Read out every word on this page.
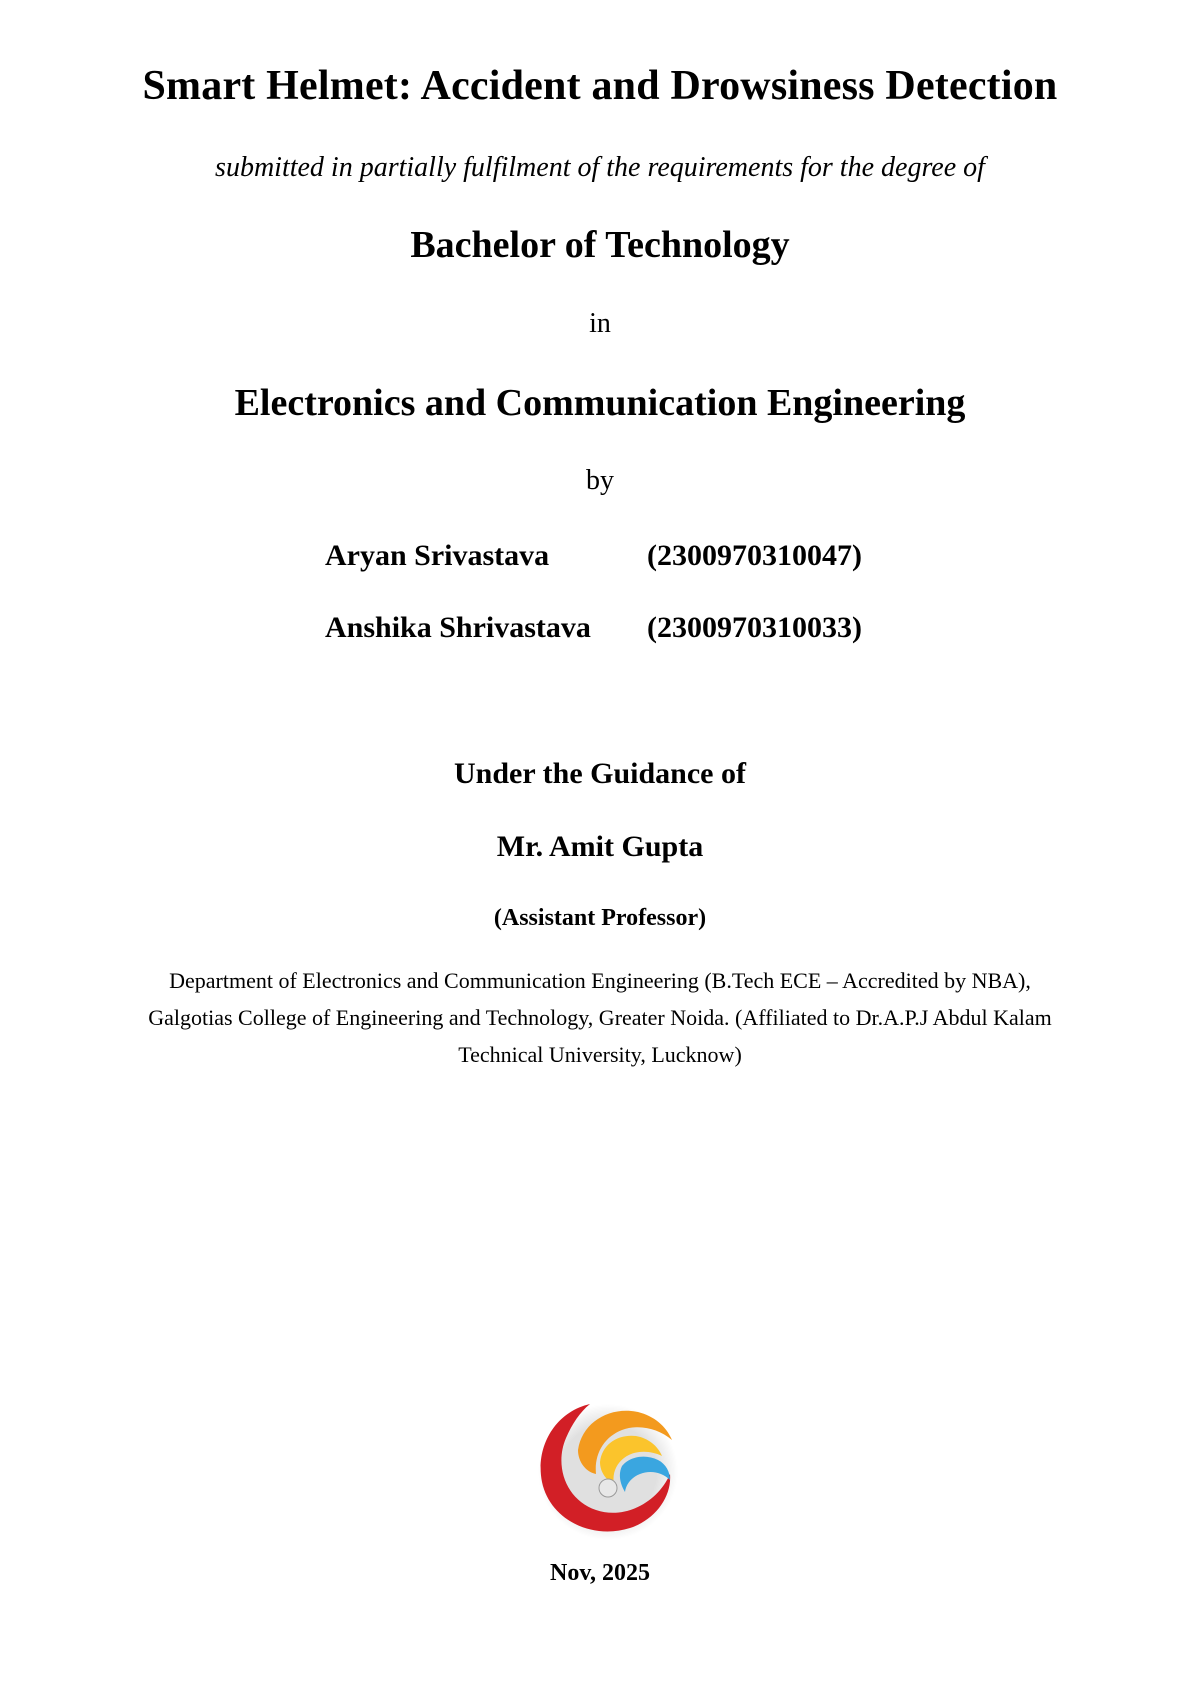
Smart Helmet: Accident and Drowsiness Detection
submitted in partially fulfilment of the requirements for the degree of
Bachelor of Technology
in
Electronics and Communication Engineering
by
Aryan Srivastava	(2300970310047)
Anshika Shrivastava (2300970310033)
Under the Guidance of
Mr. Amit Gupta
(Assistant Professor)
Department of Electronics and Communication Engineering (B.Tech ECE – Accredited by NBA),
Galgotias College of Engineering and Technology, Greater Noida. (Affiliated to Dr.A.P.J Abdul Kalam
Technical University, Lucknow)
Nov, 2025
